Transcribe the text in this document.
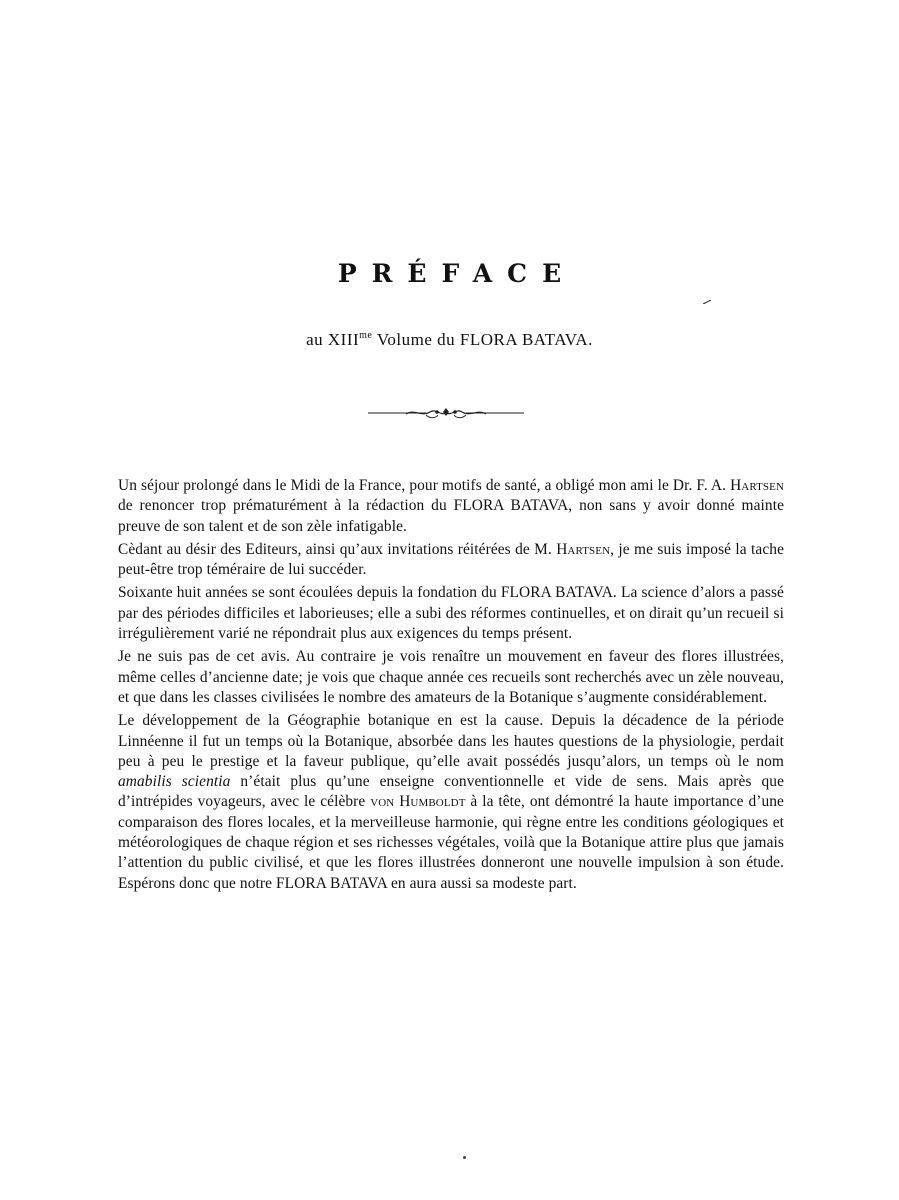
PRÉFACE
au $XIII^{me}$ Volume du FLORA BATAVA.

Un séjour prolongé dans le Midi de la France, pour motifs de santé, a obligé mon ami le Dr. F. A. Hartsen de renoncer trop prématurément à la rédaction du FLORA BATAVA, non sans y avoir donné mainte preuve de son talent et de son zèle infatigable.

Cèdant au désir des Editeurs, ainsi qu’aux invitations réitérées de M. Hartsen, je me suis imposé la tache peut-être trop téméraire de lui succéder.

Soixante huit années se sont écoulées depuis la fondation du FLORA BATAVA. La science d’alors a passé par des périodes difficiles et laborieuses; elle a subi des réformes continuelles, et on dirait qu’un recueil si irrégulièrement varié ne répondrait plus aux exigences du temps présent.

Je ne suis pas de cet avis. Au contraire je vois renaître un mouvement en faveur des flores illustrées, même celles d’ancienne date; je vois que chaque année ces recueils sont recherchés avec un zèle nouveau, et que dans les classes civilisées le nombre des amateurs de la Botanique s’augmente considérablement.

Le développement de la Géographie botanique en est la cause. Depuis la décadence de la période Linnéenne il fut un temps où la Botanique, absorbée dans les hautes questions de la physiologie, perdait peu à peu le prestige et la faveur publique, qu’elle avait possédés jusqu’alors, un temps où le nom amabilis scientia n’était plus qu’une enseigne conventionnelle et vide de sens. Mais après que d’intrépides voyageurs, avec le célèbre von Humboldt à la tête, ont démontré la haute importance d’une comparaison des flores locales, et la merveilleuse harmonie, qui règne entre les conditions géologiques et météorologiques de chaque région et ses richesses végétales, voilà que la Botanique attire plus que jamais l’attention du public civilisé, et que les flores illustrées donneront une nouvelle impulsion à son étude. Espérons donc que notre FLORA BATAVA en aura aussi sa modeste part.
